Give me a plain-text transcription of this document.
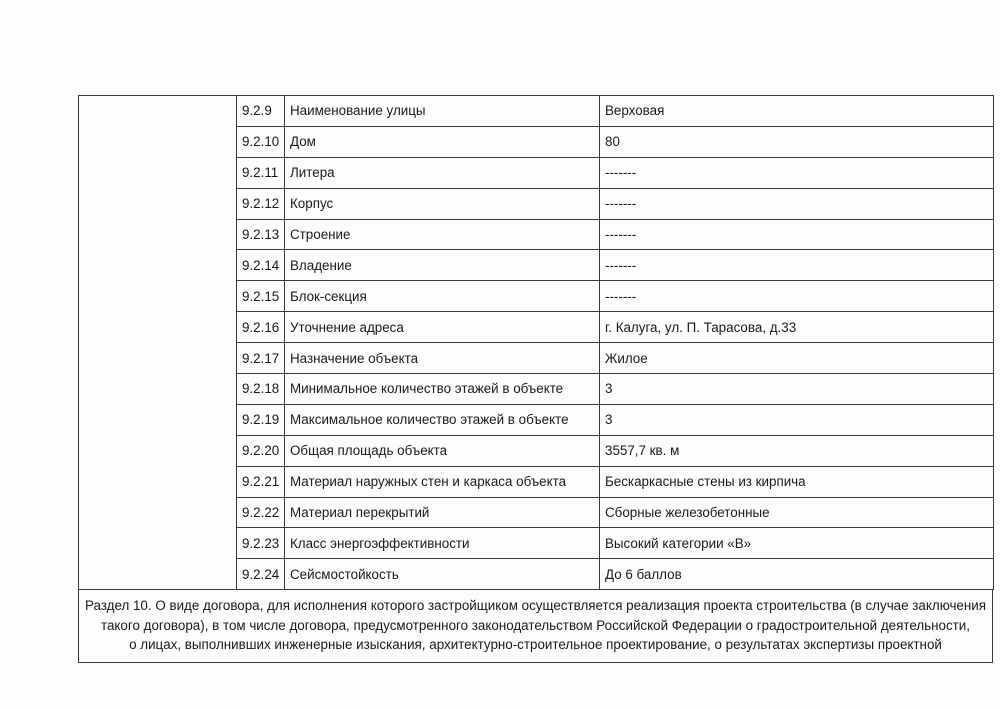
	9.2.9	Наименование улицы	Верховая
	9.2.10	Дом	80
	9.2.11	Литера	-------
	9.2.12	Корпус	-------
	9.2.13	Строение	-------
	9.2.14	Владение	-------
	9.2.15	Блок-секция	-------
	9.2.16	Уточнение адреса	г. Калуга, ул. П. Тарасова, д.33
	9.2.17	Назначение объекта	Жилое
	9.2.18	Минимальное количество этажей в объекте	3
	9.2.19	Максимальное количество этажей в объекте	3
	9.2.20	Общая площадь объекта	3557,7 кв. м
	9.2.21	Материал наружных стен и каркаса объекта	Бескаркасные стены из кирпича
	9.2.22	Материал перекрытий	Сборные железобетонные
	9.2.23	Класс энергоэффективности	Высокий категории «В»
	9.2.24	Сейсмостойкость	До 6 баллов
Раздел 10. О виде договора, для исполнения которого застройщиком осуществляется реализация проекта строительства (в случае заключения
такого договора), в том числе договора, предусмотренного законодательством Российской Федерации о градостроительной деятельности,
о лицах, выполнивших инженерные изыскания, архитектурно-строительное проектирование, о результатах экспертизы проектной
